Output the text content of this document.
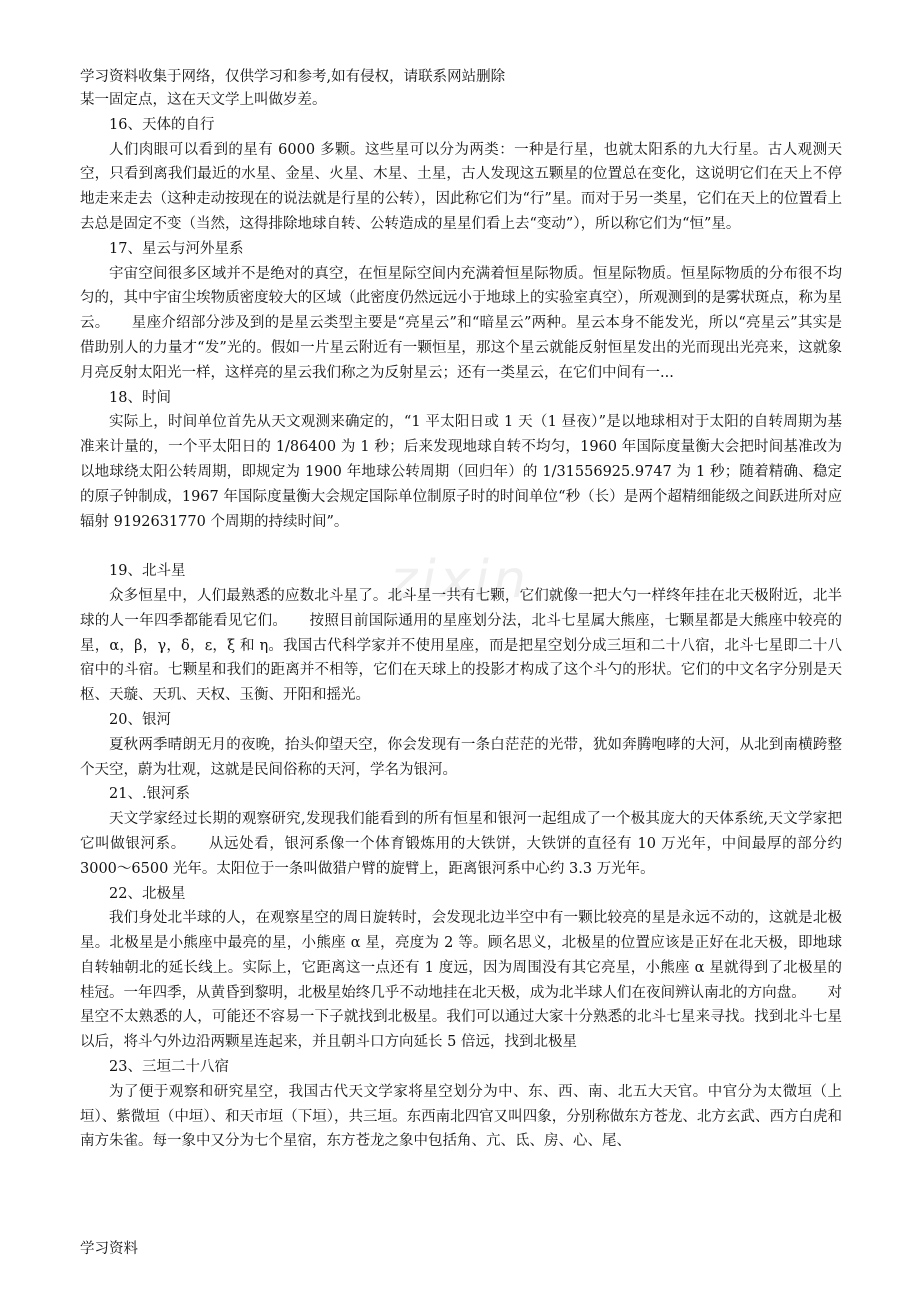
学习资料收集于网络，仅供学习和参考,如有侵权，请联系网站删除
zixin

某一固定点，这在天文学上叫做岁差。

16、天体的自行

人们肉眼可以看到的星有 6000 多颗。这些星可以分为两类：一种是行星，也就太阳系的九大行星。古人观测天空，只看到离我们最近的水星、金星、火星、木星、土星，古人发现这五颗星的位置总在变化，这说明它们在天上不停地走来走去（这种走动按现在的说法就是行星的公转），因此称它们为“行”星。而对于另一类星，它们在天上的位置看上去总是固定不变（当然，这得排除地球自转、公转造成的星星们看上去“变动”），所以称它们为“恒”星。

17、星云与河外星系

宇宙空间很多区域并不是绝对的真空，在恒星际空间内充满着恒星际物质。恒星际物质。恒星际物质的分布很不均匀的，其中宇宙尘埃物质密度较大的区域（此密度仍然远远小于地球上的实验室真空），所观测到的是雾状斑点，称为星云。　　星座介绍部分涉及到的是星云类型主要是“亮星云”和“暗星云”两种。星云本身不能发光，所以“亮星云”其实是借助别人的力量才“发”光的。假如一片星云附近有一颗恒星，那这个星云就能反射恒星发出的光而现出光亮来，这就象月亮反射太阳光一样，这样亮的星云我们称之为反射星云；还有一类星云，在它们中间有一...

18、时间

实际上，时间单位首先从天文观测来确定的，“1 平太阳日或 1 天（1 昼夜）”是以地球相对于太阳的自转周期为基准来计量的，一个平太阳日的 1/86400 为 1 秒；后来发现地球自转不均匀，1960 年国际度量衡大会把时间基准改为以地球绕太阳公转周期，即规定为 1900 年地球公转周期（回归年）的 1/31556925.9747 为 1 秒；随着精确、稳定的原子钟制成，1967 年国际度量衡大会规定国际单位制原子时的时间单位“秒（长）是两个超精细能级之间跃进所对应辐射 9192631770 个周期的持续时间”。

19、北斗星

众多恒星中，人们最熟悉的应数北斗星了。北斗星一共有七颗，它们就像一把大勺一样终年挂在北天极附近，北半球的人一年四季都能看见它们。　　按照目前国际通用的星座划分法，北斗七星属大熊座，七颗星都是大熊座中较亮的星，α，β，γ，δ，ε，ξ 和 η。我国古代科学家并不使用星座，而是把星空划分成三垣和二十八宿，北斗七星即二十八宿中的斗宿。七颗星和我们的距离并不相等，它们在天球上的投影才构成了这个斗勺的形状。它们的中文名字分别是天枢、天璇、天玑、天权、玉衡、开阳和摇光。

20、银河

夏秋两季晴朗无月的夜晚，抬头仰望天空，你会发现有一条白茫茫的光带，犹如奔腾咆哮的大河，从北到南横跨整个天空，蔚为壮观，这就是民间俗称的天河，学名为银河。

21、.银河系

天文学家经过长期的观察研究,发现我们能看到的所有恒星和银河一起组成了一个极其庞大的天体系统,天文学家把它叫做银河系。　　从远处看，银河系像一个体育锻炼用的大铁饼，大铁饼的直径有 10 万光年，中间最厚的部分约 3000～6500 光年。太阳位于一条叫做猎户臂的旋臂上，距离银河系中心约 3.3 万光年。

22、北极星

我们身处北半球的人，在观察星空的周日旋转时，会发现北边半空中有一颗比较亮的星是永远不动的，这就是北极星。北极星是小熊座中最亮的星，小熊座 α 星，亮度为 2 等。顾名思义，北极星的位置应该是正好在北天极，即地球自转轴朝北的延长线上。实际上，它距离这一点还有 1 度远，因为周围没有其它亮星，小熊座 α 星就得到了北极星的桂冠。一年四季，从黄昏到黎明，北极星始终几乎不动地挂在北天极，成为北半球人们在夜间辨认南北的方向盘。　　对星空不太熟悉的人，可能还不容易一下子就找到北极星。我们可以通过大家十分熟悉的北斗七星来寻找。找到北斗七星以后，将斗勺外边沿两颗星连起来，并且朝斗口方向延长 5 倍远，找到北极星

23、三垣二十八宿

为了便于观察和研究星空，我国古代天文学家将星空划分为中、东、西、南、北五大天官。中官分为太微垣（上垣）、紫微垣（中垣）、和天市垣（下垣），共三垣。东西南北四官又叫四象，分别称做东方苍龙、北方玄武、西方白虎和南方朱雀。每一象中又分为七个星宿，东方苍龙之象中包括角、亢、氐、房、心、尾、

学习资料
